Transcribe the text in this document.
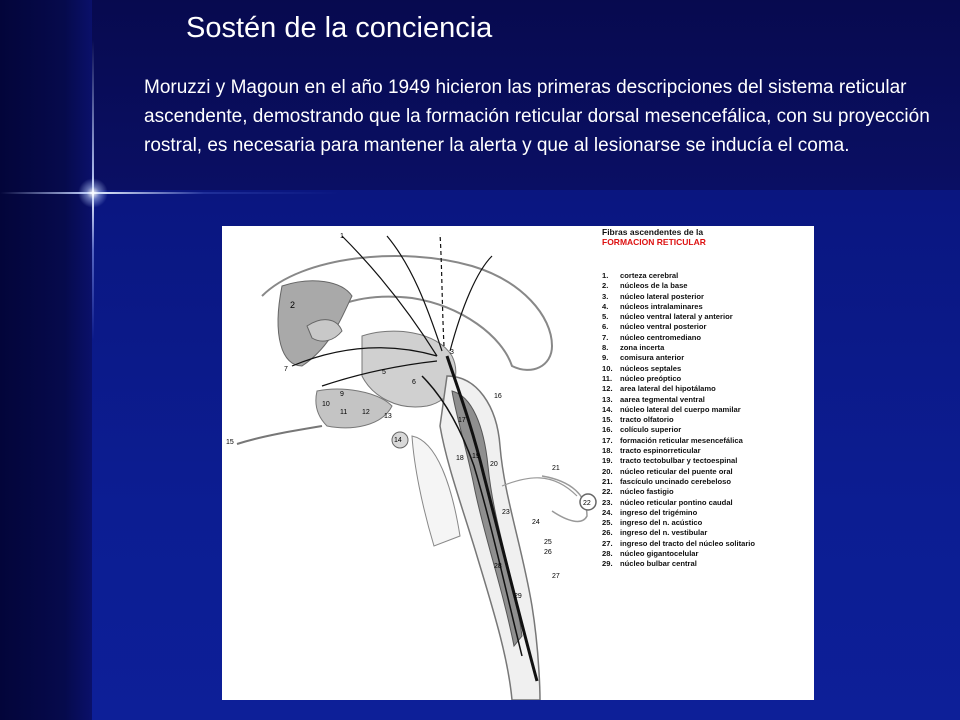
Sostén de la conciencia
Moruzzi y Magoun en el año 1949 hicieron las primeras descripciones del sistema reticular ascendente, demostrando que la formación reticular dorsal mesencefálica, con su proyección rostral, es necesaria para mantener la alerta y que al lesionarse se inducía el coma.
1
2
3
5
6
7
9
10
11 12
13
14
15
16
17
18 19
20
21
22
23
24
25
26
27
28
29
Fibras ascendentes de la
FORMACION RETICULAR
1. corteza cerebral
2. núcleos de la base
3. núcleo lateral posterior
4. núcleos intralaminares
5. núcleo ventral lateral y anterior
6. núcleo ventral posterior
7. núcleo centromediano
8. zona incerta
9. comisura anterior
10. núcleos septales
11. núcleo preóptico
12. area lateral del hipotálamo
13. aarea tegmental ventral
14. núcleo lateral del cuerpo mamilar
15. tracto olfatorio
16. colículo superior
17. formación reticular mesencefálica
18. tracto espinorreticular
19. tracto tectobulbar y tectoespinal
20. núcleo reticular del puente oral
21. fascículo uncinado cerebeloso
22. núcleo fastigio
23. núcleo reticular pontino caudal
24. ingreso del trigémino
25. ingreso del n. acústico
26. ingreso del n. vestibular
27. ingreso del tracto del núcleo solitario
28. núcleo gigantocelular
29. núcleo bulbar central
